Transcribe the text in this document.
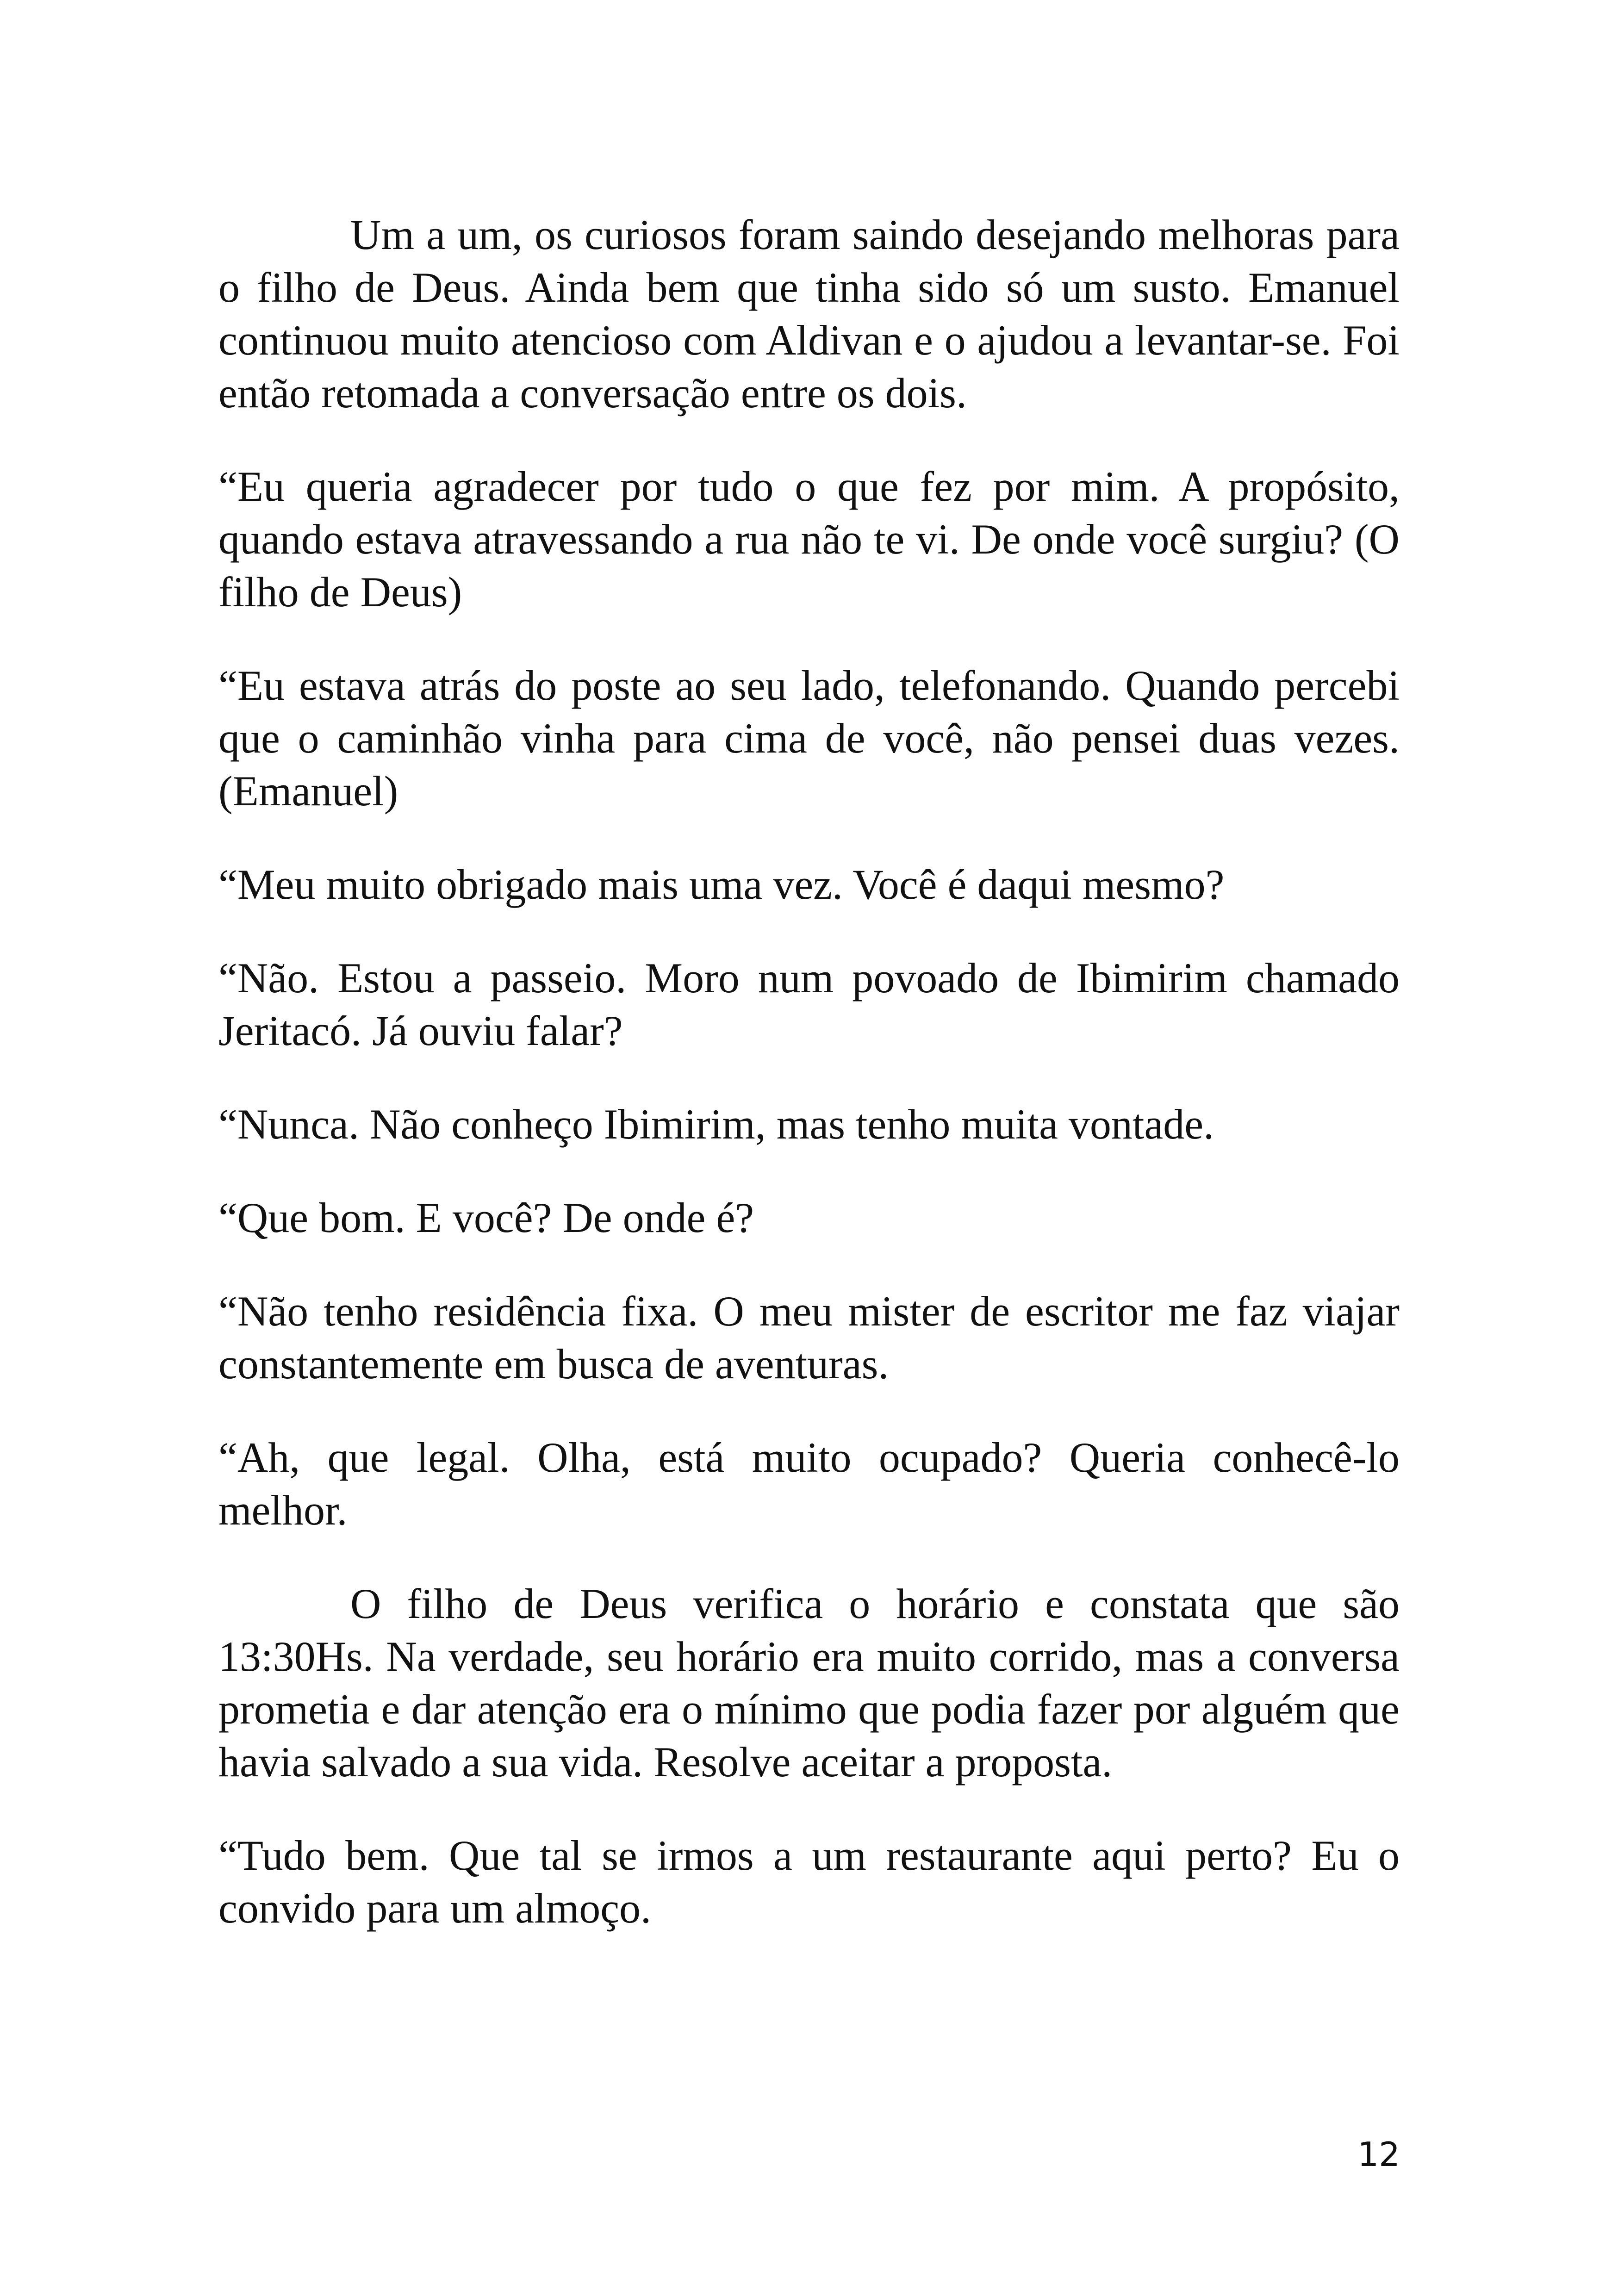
Um a um, os curiosos foram saindo desejando melhoras para o filho de Deus. Ainda bem que tinha sido só um susto. Emanuel continuou muito atencioso com Aldivan e o ajudou a levantar-se. Foi então retomada a conversação entre os dois.

“Eu queria agradecer por tudo o que fez por mim. A propósito, quando estava atravessando a rua não te vi. De onde você surgiu? (O filho de Deus)

“Eu estava atrás do poste ao seu lado, telefonando. Quando percebi que o caminhão vinha para cima de você, não pensei duas vezes. (Emanuel)

“Meu muito obrigado mais uma vez. Você é daqui mesmo?

“Não. Estou a passeio. Moro num povoado de Ibimirim chamado Jeritacó. Já ouviu falar?

“Nunca. Não conheço Ibimirim, mas tenho muita vontade.

“Que bom. E você? De onde é?

“Não tenho residência fixa. O meu mister de escritor me faz viajar constantemente em busca de aventuras.

“Ah, que legal. Olha, está muito ocupado? Queria conhecê-lo melhor.

O filho de Deus verifica o horário e constata que são 13:30Hs. Na verdade, seu horário era muito corrido, mas a conversa prometia e dar atenção era o mínimo que podia fazer por alguém que havia salvado a sua vida. Resolve aceitar a proposta.

“Tudo bem. Que tal se irmos a um restaurante aqui perto? Eu o convido para um almoço.

12
